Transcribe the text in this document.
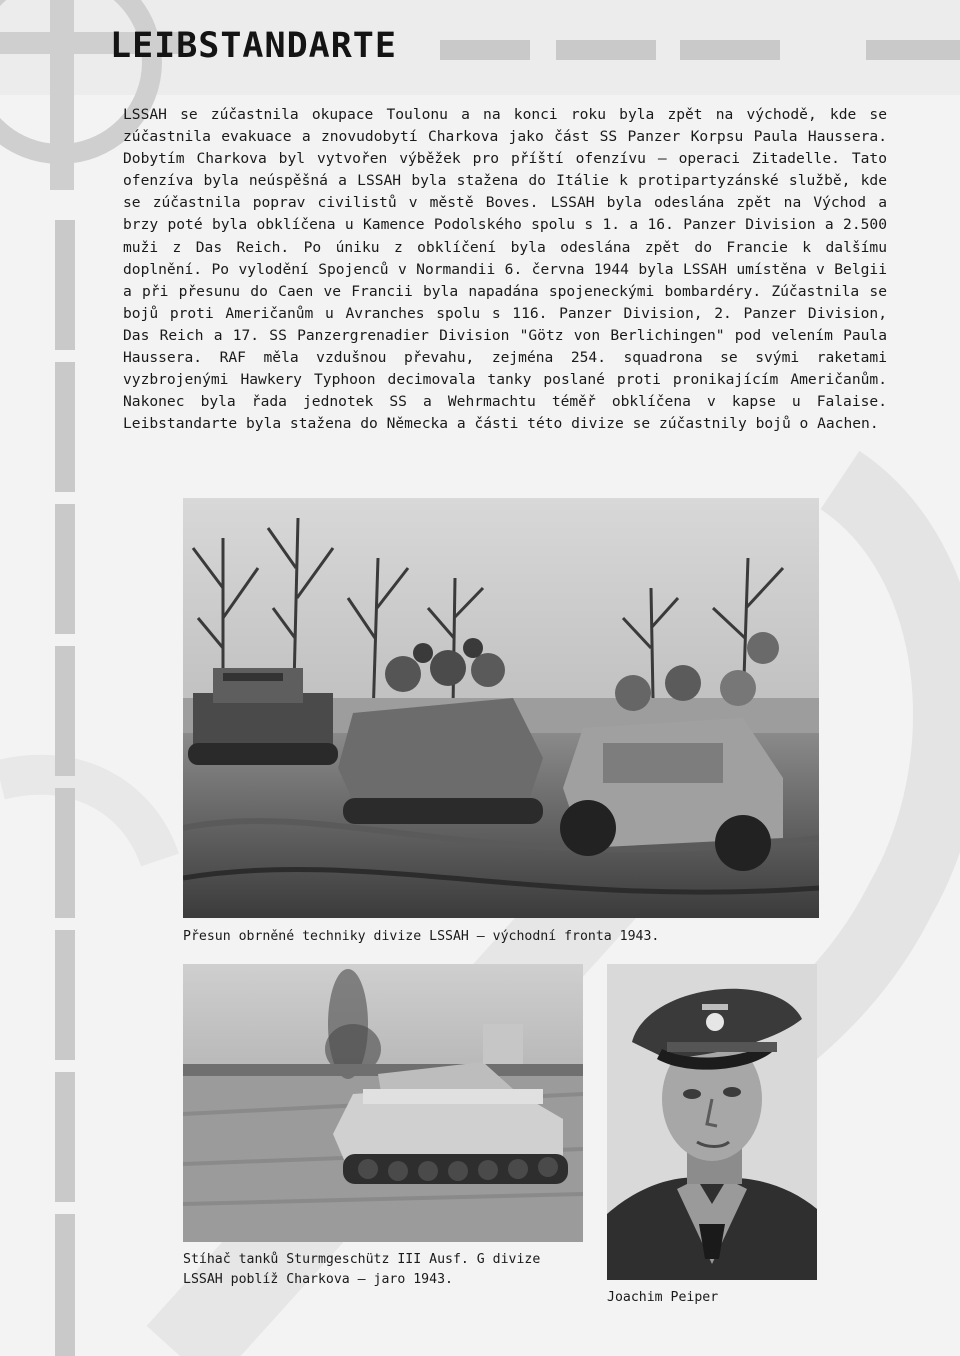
LEIBSTANDARTE

LSSAH se zúčastnila okupace Toulonu a na konci roku byla zpět na východě, kde se zúčastnila evakuace a znovudobytí Charkova jako část SS Panzer Korpsu Paula Haussera. Dobytím Charkova byl vytvořen výběžek pro příští ofenzívu – operaci Zitadelle. Tato ofenzíva byla neúspěšná a LSSAH byla stažena do Itálie k protipartyzánské službě, kde se zúčastnila poprav civilistů v městě Boves. LSSAH byla odeslána zpět na Východ a brzy poté byla obklíčena u Kamence Podolského spolu s 1. a 16. Panzer Division a 2.500 muži z Das Reich. Po úniku z obklíčení byla odeslána zpět do Francie k dalšímu doplnění. Po vylodění Spojenců v Normandii 6. června 1944 byla LSSAH umístěna v Belgii a při přesunu do Caen ve Francii byla napadána spojeneckými bombardéry. Zúčastnila se bojů proti Američanům u Avranches spolu s 116. Panzer Division, 2. Panzer Division, Das Reich a 17. SS Panzergrenadier Division "Götz von Berlichingen" pod velením Paula Haussera. RAF měla vzdušnou převahu, zejména 254. squadrona se svými raketami vyzbrojenými Hawkery Typhoon decimovala tanky poslané proti pronikajícím Američanům. Nakonec byla řada jednotek SS a Wehrmachtu téměř obklíčena v kapse u Falaise. Leibstandarte byla stažena do Německa a části této divize se zúčastnily bojů o Aachen.

Přesun obrněné techniky divize LSSAH – východní fronta 1943.

Stíhač tanků Sturmgeschütz III Ausf. G divize LSSAH poblíž Charkova – jaro 1943.

Joachim Peiper
